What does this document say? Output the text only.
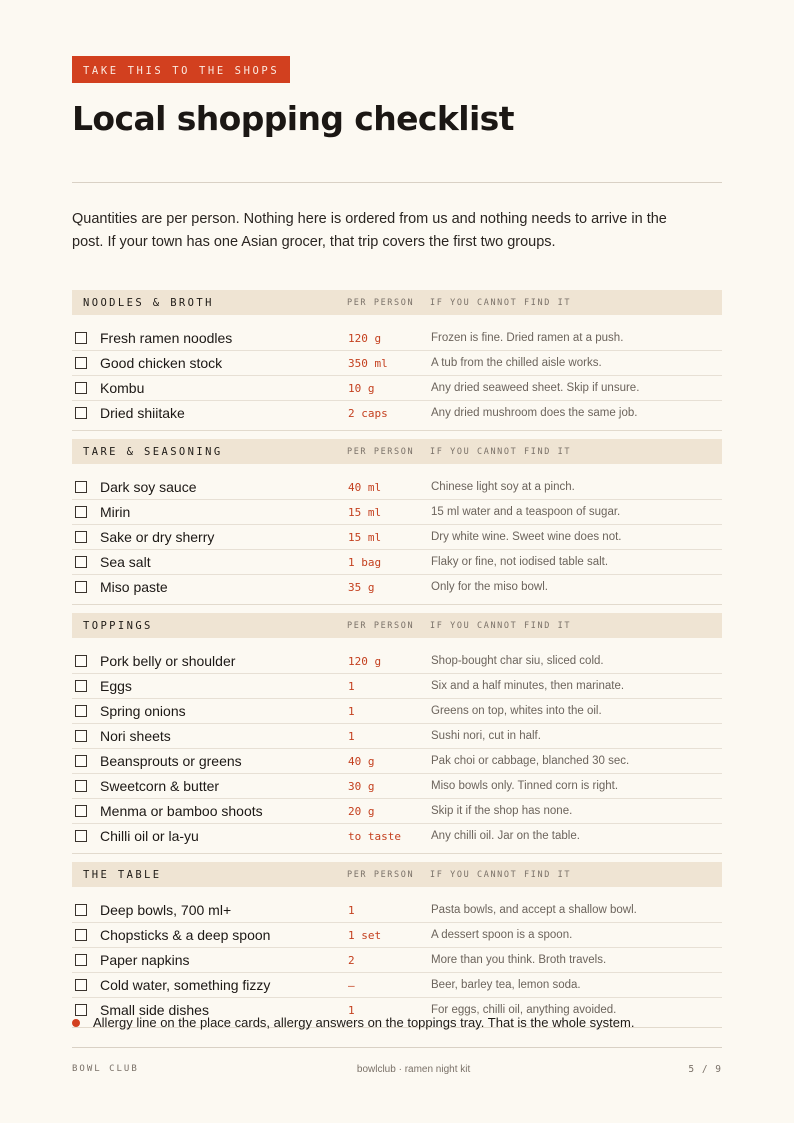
TAKE THIS TO THE SHOPS
Local shopping checklist

Quantities are per person. Nothing here is ordered from us and nothing needs to arrive in the post. If your town has one Asian grocer, that trip covers the first two groups.

NOODLES & BROTH	PER PERSON	IF YOU CANNOT FIND IT
Fresh ramen noodles	120 g	Frozen is fine. Dried ramen at a push.
Good chicken stock	350 ml	A tub from the chilled aisle works.
Kombu	10 g	Any dried seaweed sheet. Skip if unsure.
Dried shiitake	2 caps	Any dried mushroom does the same job.
TARE & SEASONING	PER PERSON	IF YOU CANNOT FIND IT
Dark soy sauce	40 ml	Chinese light soy at a pinch.
Mirin	15 ml	15 ml water and a teaspoon of sugar.
Sake or dry sherry	15 ml	Dry white wine. Sweet wine does not.
Sea salt	1 bag	Flaky or fine, not iodised table salt.
Miso paste	35 g	Only for the miso bowl.
TOPPINGS	PER PERSON	IF YOU CANNOT FIND IT
Pork belly or shoulder	120 g	Shop-bought char siu, sliced cold.
Eggs	1	Six and a half minutes, then marinate.
Spring onions	1	Greens on top, whites into the oil.
Nori sheets	1	Sushi nori, cut in half.
Beansprouts or greens	40 g	Pak choi or cabbage, blanched 30 sec.
Sweetcorn & butter	30 g	Miso bowls only. Tinned corn is right.
Menma or bamboo shoots	20 g	Skip it if the shop has none.
Chilli oil or la-yu	to taste	Any chilli oil. Jar on the table.
THE TABLE	PER PERSON	IF YOU CANNOT FIND IT
Deep bowls, 700 ml+	1	Pasta bowls, and accept a shallow bowl.
Chopsticks & a deep spoon	1 set	A dessert spoon is a spoon.
Paper napkins	2	More than you think. Broth travels.
Cold water, something fizzy	—	Beer, barley tea, lemon soda.
Small side dishes	1	For eggs, chilli oil, anything avoided.
Allergy line on the place cards, allergy answers on the toppings tray. That is the whole system.
BOWL CLUB	bowlclub · ramen night kit	5 / 9
